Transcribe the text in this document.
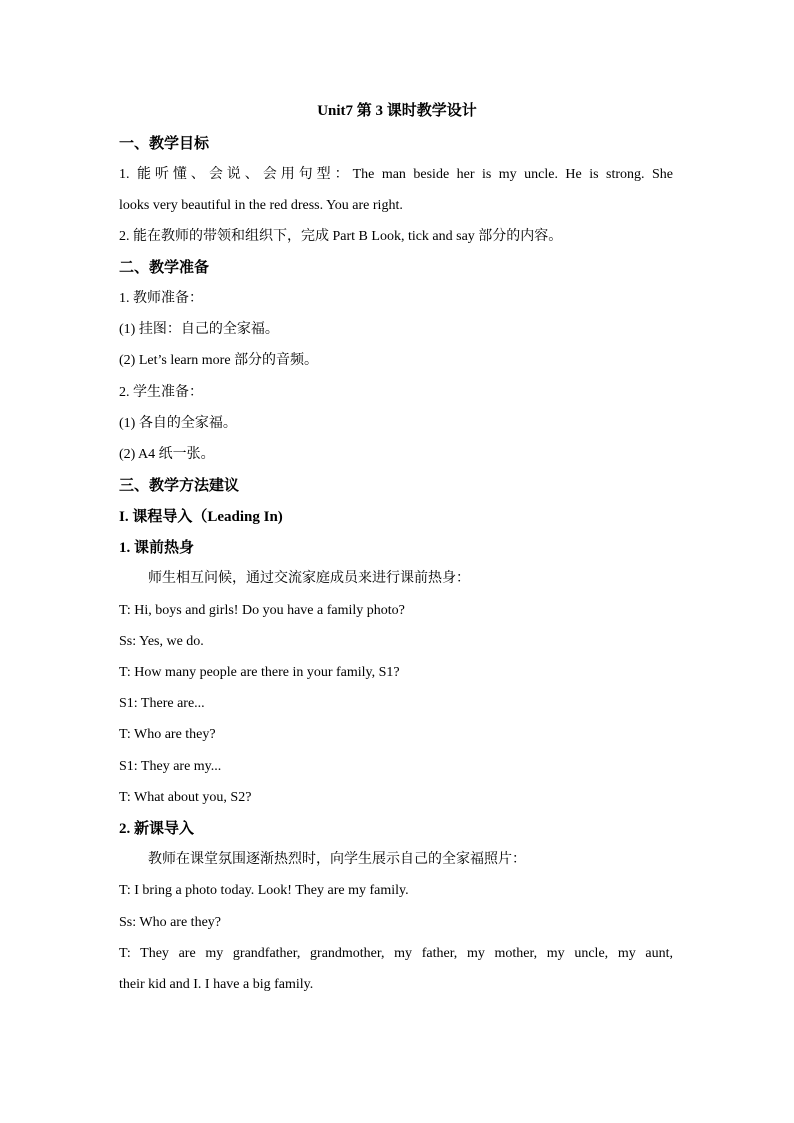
Unit7 第 3 课时教学设计
一、教学目标
1. 能听懂、会说、会用句型：The man beside her is my uncle. He is strong. She
looks very beautiful in the red dress. You are right.
2. 能在教师的带领和组织下，完成 Part B Look, tick and say 部分的内容。
二、教学准备
1. 教师准备：
(1) 挂图：自己的全家福。
(2) Let’s learn more 部分的音频。
2. 学生准备：
(1) 各自的全家福。
(2) A4 纸一张。
三、教学方法建议
I. 课程导入（Leading In)
1. 课前热身
师生相互问候，通过交流家庭成员来进行课前热身：
T: Hi, boys and girls! Do you have a family photo?
Ss: Yes, we do.
T: How many people are there in your family, S1?
S1: There are...
T: Who are they?
S1: They are my...
T: What about you, S2?
2. 新课导入
教师在课堂氛围逐渐热烈时，向学生展示自己的全家福照片：
T: I bring a photo today. Look! They are my family.
Ss: Who are they?
T: They are my grandfather, grandmother, my father, my mother, my uncle, my aunt,
their kid and I. I have a big family.
